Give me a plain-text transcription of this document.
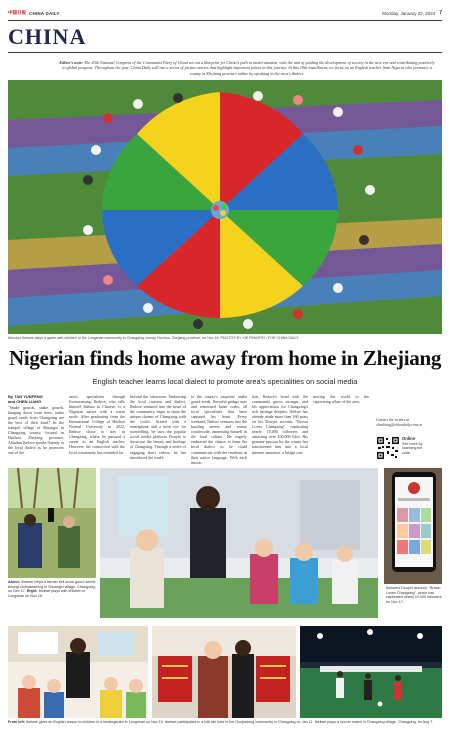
中国日报 CHINA DAILY	Monday, January 22, 2024 7
CHINA
Editor's note: The 20th National Congress of the Communist Party of China set out a blueprint for China's path to modernization, with the aim of guiding the development of society in the new era and contributing positively to global progress. Throughout the year, China Daily will run a series of picture stories that highlight important points in this journey. In this 10th installment, we focus on an English teacher from Nigeria who promotes a county in Zhejiang province online by speaking in the area's dialect.
Abiodun Ibekwe plays a game with children in the Longshan community in Changqing county, Huzhou, Zhejiang province, on Nov 16. PHOTOS BY XIE PENGFEI / FOR CHINA DAILY
Nigerian finds home away from home in Zhejiang
English teacher learns local dialect to promote area's specialities on social media
By TAN YUNFENG
and CHEN LIANG
"Snake gourds, snake gourds, hanging down from trees: snake gourd seeds from Changxing are the best of their kind." In the tranquil village of Shuangxi in Changxing county, located in Huzhou, Zhejiang province, Abiodun Ibekwe speaks fluently in the local dialect as he promotes one of the
area's specialities through livestreaming. Ibekwe, who calls himself Jiabiao in Chinese, is a Nigerian native with a warm smile. After graduating from the International College of Huzhou Normal University in 2022, Ibekwe chose to stay in Changxing, where he pursued a career as an English teacher. However, his connection with the local community has extended far
beyond the classroom. Embracing the local customs and dialect, Ibekwe ventured into the heart of the community, eager to share the unique charms of Changxing with the world. Armed with a smartphone and a keen eye for storytelling, he uses the popular social media platform Douyin to showcase the beauty and heritage of Changxing. Through a series of engaging short videos, he has introduced the world
to the county's exquisite snake gourd seeds, flavorful ginkgo nuts and renowned baize crabs, all local specialities that have captured his heart. Every weekend, Ibekwe ventures into the bustling streets and serene countryside, immersing himself in the local culture. He eagerly embraced the chance to learn the local dialect so he could communicate with the residents in their native language. With each interac-
tion, Ibekwe's bond with the community grows stronger, and his appreciation for Changxing's rich heritage deepens. Ibekwe has already made more than 160 posts on his Douyin account, "Brown Loves Changxing", captivating nearly 10,000 followers and attracting over 100,000 likes. His genuine passion for the county has transformed him into a local internet sensation, a bridge con-
necting the world to the captivating allure of the area.
Contact the writers at
chenliang@chinadaily.com.cn
Online
See more by
scanning the
code.
Above: Ibekwe helps a farmer sell snow gourd seeds through livestreaming in Shuangxi village, Changxing, on Dec 17. Right: Ibekwe plays with children in Longshan on Nov 16.
Ibekwe's Douyin account, "Brown Loves Changxing", which has captivated nearly 10,000 followers on Nov 17.
From left: Ibekwe gives an English lesson to children in a kindergarten in Longshan on Nov 16. Ibekwe participates in a folk fair held in the Guojiadong community in Changxing on Jan 11. Ibekwe plays a soccer match in Changxing village, Changxing, on Aug 7.
